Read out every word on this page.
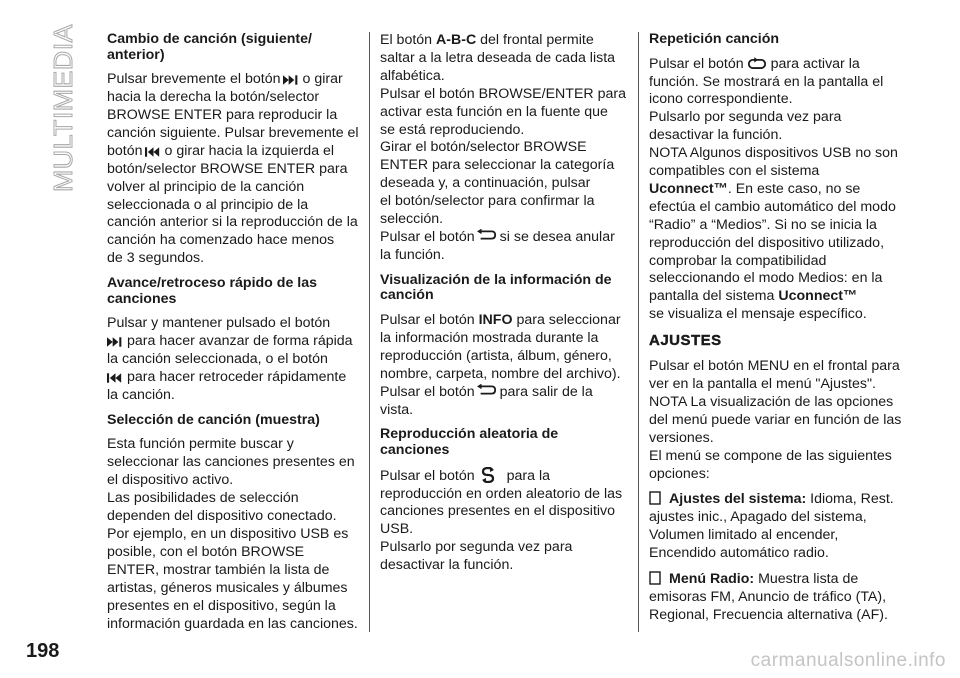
MULTIMEDIA Cambio de canción (siguiente/ anterior)

Pulsar brevemente el botón o girar
hacia la derecha la botón/selector
BROWSE ENTER para reproducir la
canción siguiente. Pulsar brevemente el
botón o girar hacia la izquierda el
botón/selector BROWSE ENTER para
volver al principio de la canción
seleccionada o al principio de la
canción anterior si la reproducción de la
canción ha comenzado hace menos
de 3 segundos.

Avance/retroceso rápido de las canciones

Pulsar y mantener pulsado el botón
para hacer avanzar de forma rápida
la canción seleccionada, o el botón
para hacer retroceder rápidamente
la canción.

Selección de canción (muestra)

Esta función permite buscar y
seleccionar las canciones presentes en
el dispositivo activo.
Las posibilidades de selección
dependen del dispositivo conectado.
Por ejemplo, en un dispositivo USB es
posible, con el botón BROWSE
ENTER, mostrar también la lista de
artistas, géneros musicales y álbumes
presentes en el dispositivo, según la
información guardada en las canciones.

El botón A-B-C del frontal permite
saltar a la letra deseada de cada lista
alfabética.
Pulsar el botón BROWSE/ENTER para
activar esta función en la fuente que
se está reproduciendo.
Girar el botón/selector BROWSE
ENTER para seleccionar la categoría
deseada y, a continuación, pulsar
el botón/selector para confirmar la
selección.
Pulsar el botón si se desea anular
la función.

Visualización de la información de canción

Pulsar el botón INFO para seleccionar
la información mostrada durante la
reproducción (artista, álbum, género,
nombre, carpeta, nombre del archivo).
Pulsar el botón para salir de la
vista.

Reproducción aleatoria de canciones

Pulsar el botón para la
reproducción en orden aleatorio de las
canciones presentes en el dispositivo
USB.
Pulsarlo por segunda vez para
desactivar la función.

Repetición canción

Pulsar el botón para activar la
función. Se mostrará en la pantalla el
icono correspondiente.
Pulsarlo por segunda vez para
desactivar la función.
NOTA Algunos dispositivos USB no son
compatibles con el sistema
Uconnect™. En este caso, no se
efectúa el cambio automático del modo
“Radio” a “Medios”. Si no se inicia la
reproducción del dispositivo utilizado,
comprobar la compatibilidad
seleccionando el modo Medios: en la
pantalla del sistema Uconnect™
se visualiza el mensaje específico.

AJUSTES

Pulsar el botón MENU en el frontal para
ver en la pantalla el menú "Ajustes".
NOTA La visualización de las opciones
del menú puede variar en función de las
versiones.
El menú se compone de las siguientes
opciones:

Ajustes del sistema: Idioma, Rest.
ajustes inic., Apagado del sistema,
Volumen limitado al encender,
Encendido automático radio.

Menú Radio: Muestra lista de
emisoras FM, Anuncio de tráfico (TA),
Regional, Frecuencia alternativa (AF).

198	carmanualsonline.info
